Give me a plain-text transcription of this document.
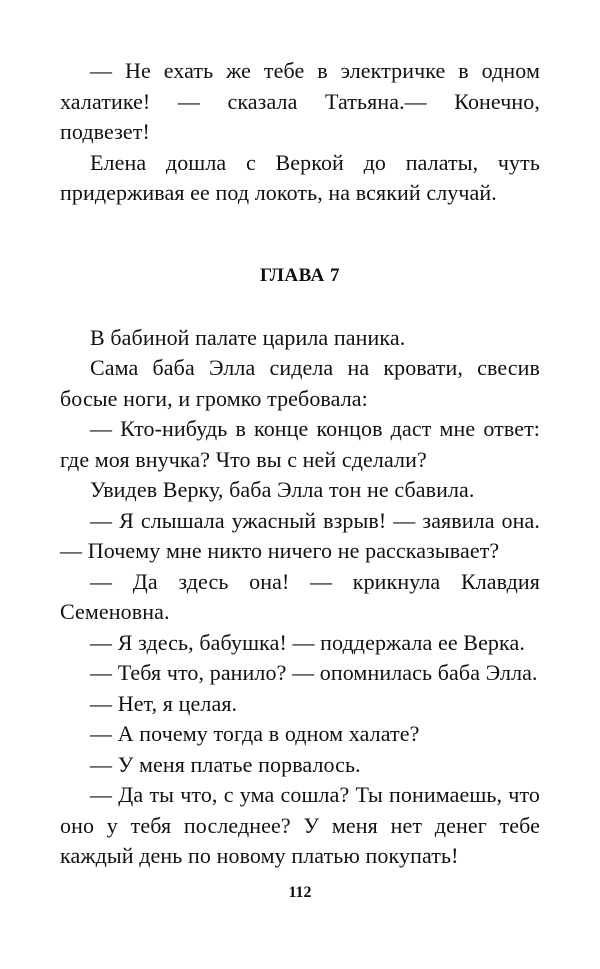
— Не ехать же тебе в электричке в одном халатике! — сказала Татьяна.— Конечно, подвезет!

Елена дошла с Веркой до палаты, чуть придерживая ее под локоть, на всякий случай.

ГЛАВА 7

В бабиной палате царила паника.

Сама баба Элла сидела на кровати, свесив босые ноги, и громко требовала:

— Кто-нибудь в конце концов даст мне ответ: где моя внучка? Что вы с ней сделали?

Увидев Верку, баба Элла тон не сбавила.

— Я слышала ужасный взрыв! — заявила она.— Почему мне никто ничего не рассказывает?

— Да здесь она! — крикнула Клавдия Семеновна.

— Я здесь, бабушка! — поддержала ее Верка.

— Тебя что, ранило? — опомнилась баба Элла.

— Нет, я целая.

— А почему тогда в одном халате?

— У меня платье порвалось.

— Да ты что, с ума сошла? Ты понимаешь, что оно у тебя последнее? У меня нет денег тебе каждый день по новому платью покупать!

112
